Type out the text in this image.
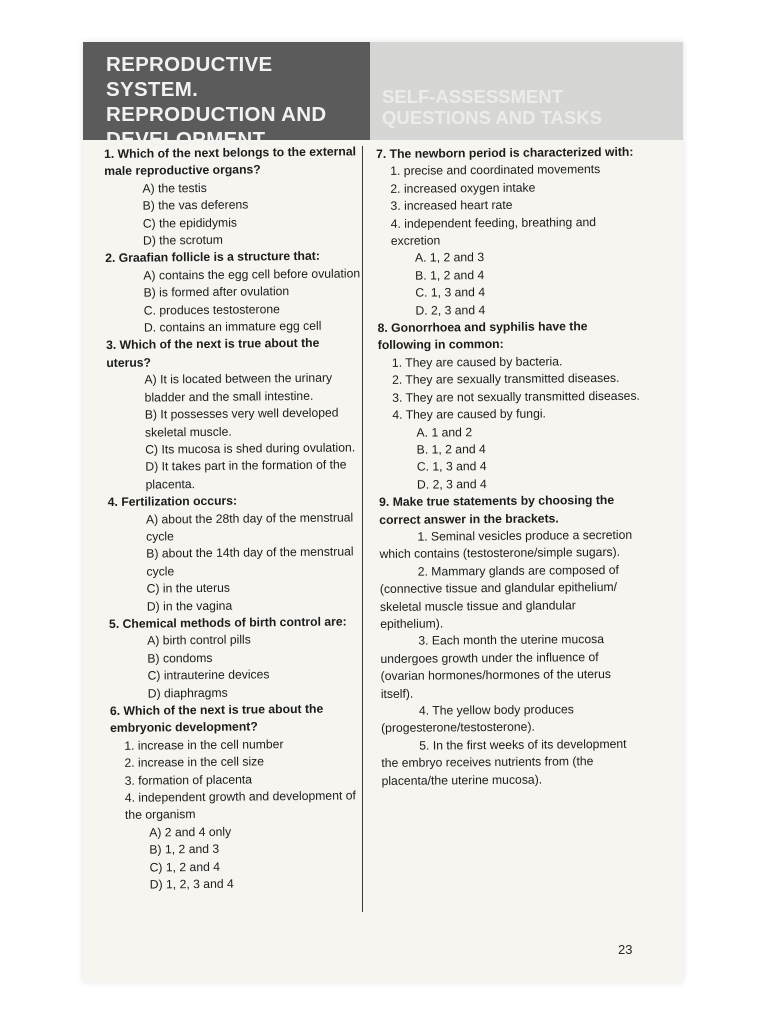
REPRODUCTIVE SYSTEM.
REPRODUCTION AND
DEVELOPMENT
SELF-ASSESSMENT
QUESTIONS AND TASKS

1. Which of the next belongs to the external male reproductive organs?

A) the testis

B) the vas deferens

C) the epididymis

D) the scrotum

2. Graafian follicle is a structure that:

A) contains the egg cell before ovulation

B) is formed after ovulation

C. produces testosterone

D. contains an immature egg cell

3. Which of the next is true about the uterus?

A) It is located between the urinary bladder and the small intestine.

B) It possesses very well developed skeletal muscle.

C) Its mucosa is shed during ovulation.

D) It takes part in the formation of the placenta.

4. Fertilization occurs:

A) about the 28th day of the menstrual cycle

B) about the 14th day of the menstrual cycle

C) in the uterus

D) in the vagina

5. Chemical methods of birth control are:

A) birth control pills

B) condoms

C) intrauterine devices

D) diaphragms

6. Which of the next is true about the embryonic development?

1. increase in the cell number

2. increase in the cell size

3. formation of placenta

4. independent growth and development of the organism

A) 2 and 4 only

B) 1, 2 and 3

C) 1, 2 and 4

D) 1, 2, 3 and 4

7. The newborn period is characterized with:

1. precise and coordinated movements

2. increased oxygen intake

3. increased heart rate

4. independent feeding, breathing and excretion

A. 1, 2 and 3

B. 1, 2 and 4

C. 1, 3 and 4

D. 2, 3 and 4

8. Gonorrhoea and syphilis have the following in common:

1. They are caused by bacteria.

2. They are sexually transmitted diseases.

3. They are not sexually transmitted diseases.

4. They are caused by fungi.

A. 1 and 2

B. 1, 2 and 4

C. 1, 3 and 4

D. 2, 3 and 4

9. Make true statements by choosing the correct answer in the brackets.

1. Seminal vesicles produce a secretion which contains (testosterone/simple sugars).

2. Mammary glands are composed of (connective tissue and glandular epithelium/ skeletal muscle tissue and glandular epithelium).

3. Each month the uterine mucosa undergoes growth under the influence of (ovarian hormones/hormones of the uterus itself).

4. The yellow body produces (progesterone/testosterone).

5. In the first weeks of its development the embryo receives nutrients from (the placenta/the uterine mucosa).

23
